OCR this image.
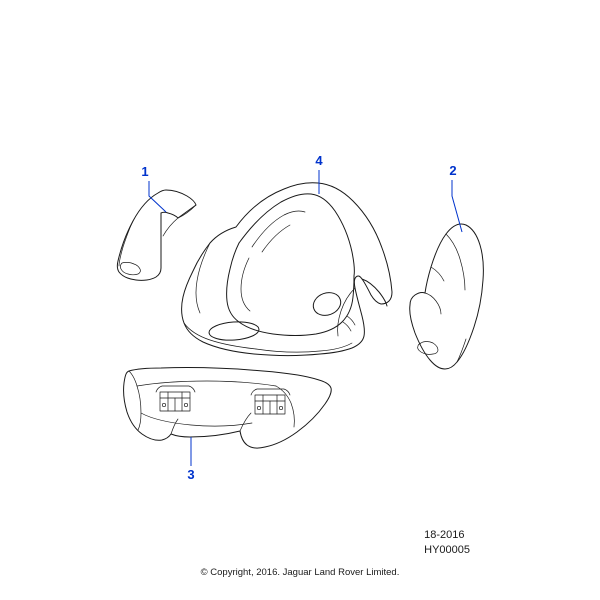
1	2
3
4
18-2016
HY00005
© Copyright, 2016. Jaguar Land Rover Limited.
